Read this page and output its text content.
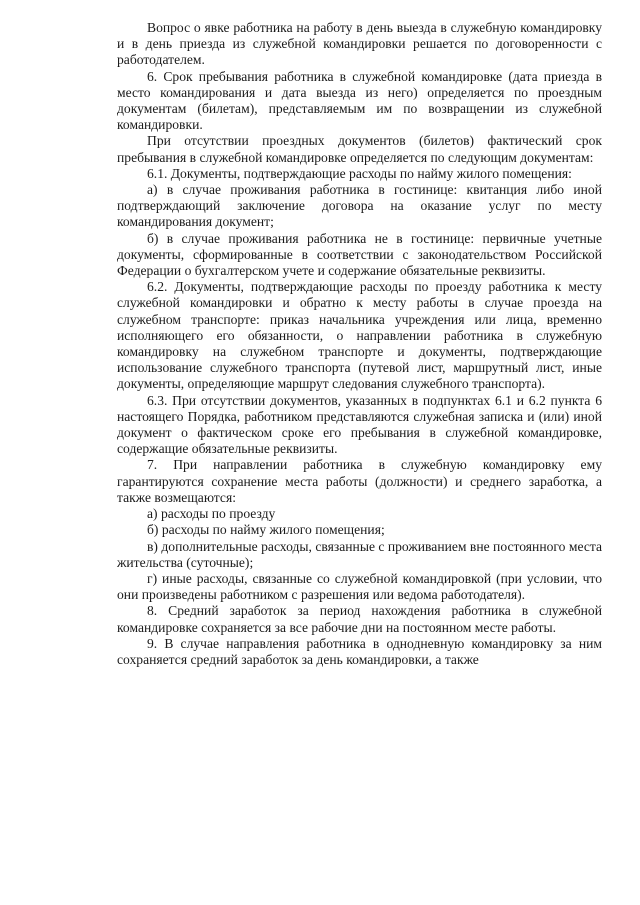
Вопрос о явке работника на работу в день выезда в служебную командировку и в день приезда из служебной командировки решается по договоренности с работодателем.

6. Срок пребывания работника в служебной командировке (дата приезда в место командирования и дата выезда из него) определяется по проездным документам (билетам), представляемым им по возвращении из служебной командировки.

При отсутствии проездных документов (билетов) фактический срок пребывания в служебной командировке определяется по следующим документам:

6.1. Документы, подтверждающие расходы по найму жилого помещения:

а) в случае проживания работника в гостинице: квитанция либо иной подтверждающий заключение договора на оказание услуг по месту командирования документ;

б) в случае проживания работника не в гостинице: первичные учетные документы, сформированные в соответствии с законодательством Российской Федерации о бухгалтерском учете и содержание обязательные реквизиты.

6.2. Документы, подтверждающие расходы по проезду работника к месту служебной командировки и обратно к месту работы в случае проезда на служебном транспорте: приказ начальника учреждения или лица, временно исполняющего его обязанности, о направлении работника в служебную командировку на служебном транспорте и документы, подтверждающие использование служебного транспорта (путевой лист, маршрутный лист, иные документы, определяющие маршрут следования служебного транспорта).

6.3. При отсутствии документов, указанных в подпунктах 6.1 и 6.2 пункта 6 настоящего Порядка, работником представляются служебная записка и (или) иной документ о фактическом сроке его пребывания в служебной командировке, содержащие обязательные реквизиты.

7. При направлении работника в служебную командировку ему гарантируются сохранение места работы (должности) и среднего заработка, а также возмещаются:

а) расходы по проезду

б) расходы по найму жилого помещения;

в) дополнительные расходы, связанные с проживанием вне постоянного места жительства (суточные);

г) иные расходы, связанные со служебной командировкой (при условии, что они произведены работником с разрешения или ведома работодателя).

8. Средний заработок за период нахождения работника в служебной командировке сохраняется за все рабочие дни на постоянном месте работы.

9. В случае направления работника в однодневную командировку за ним сохраняется средний заработок за день командировки, а также
